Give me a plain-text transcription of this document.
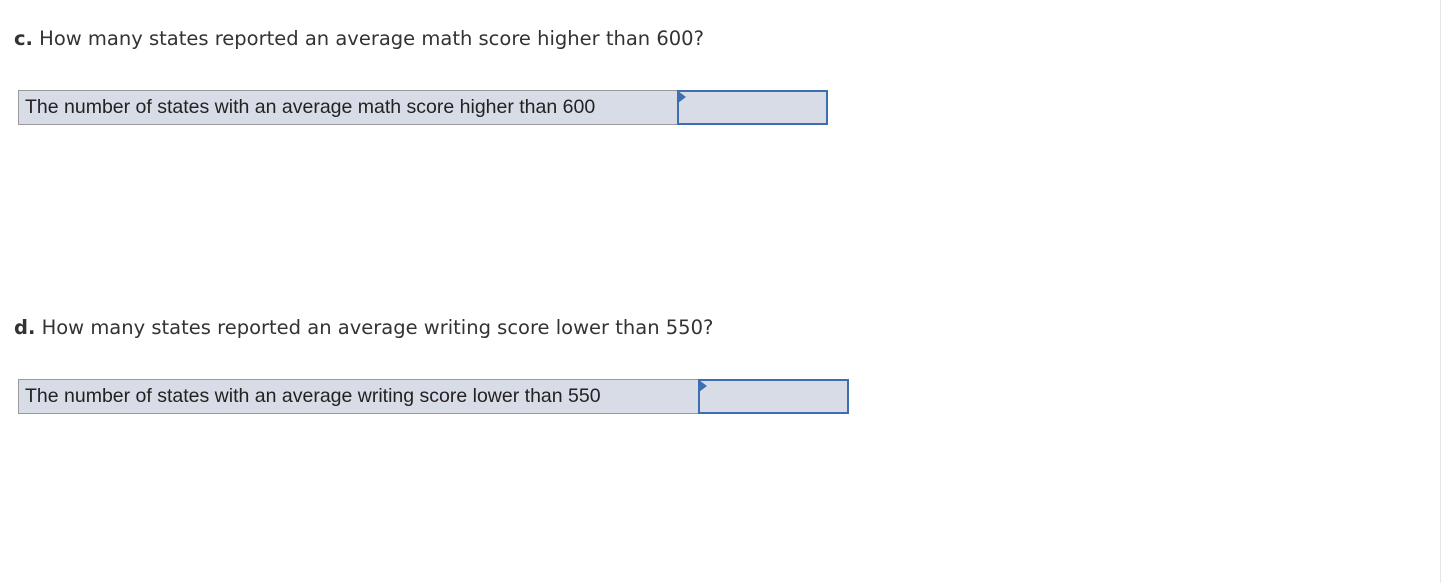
c. How many states reported an average math score higher than 600?
The number of states with an average math score higher than 600
d. How many states reported an average writing score lower than 550?
The number of states with an average writing score lower than 550
